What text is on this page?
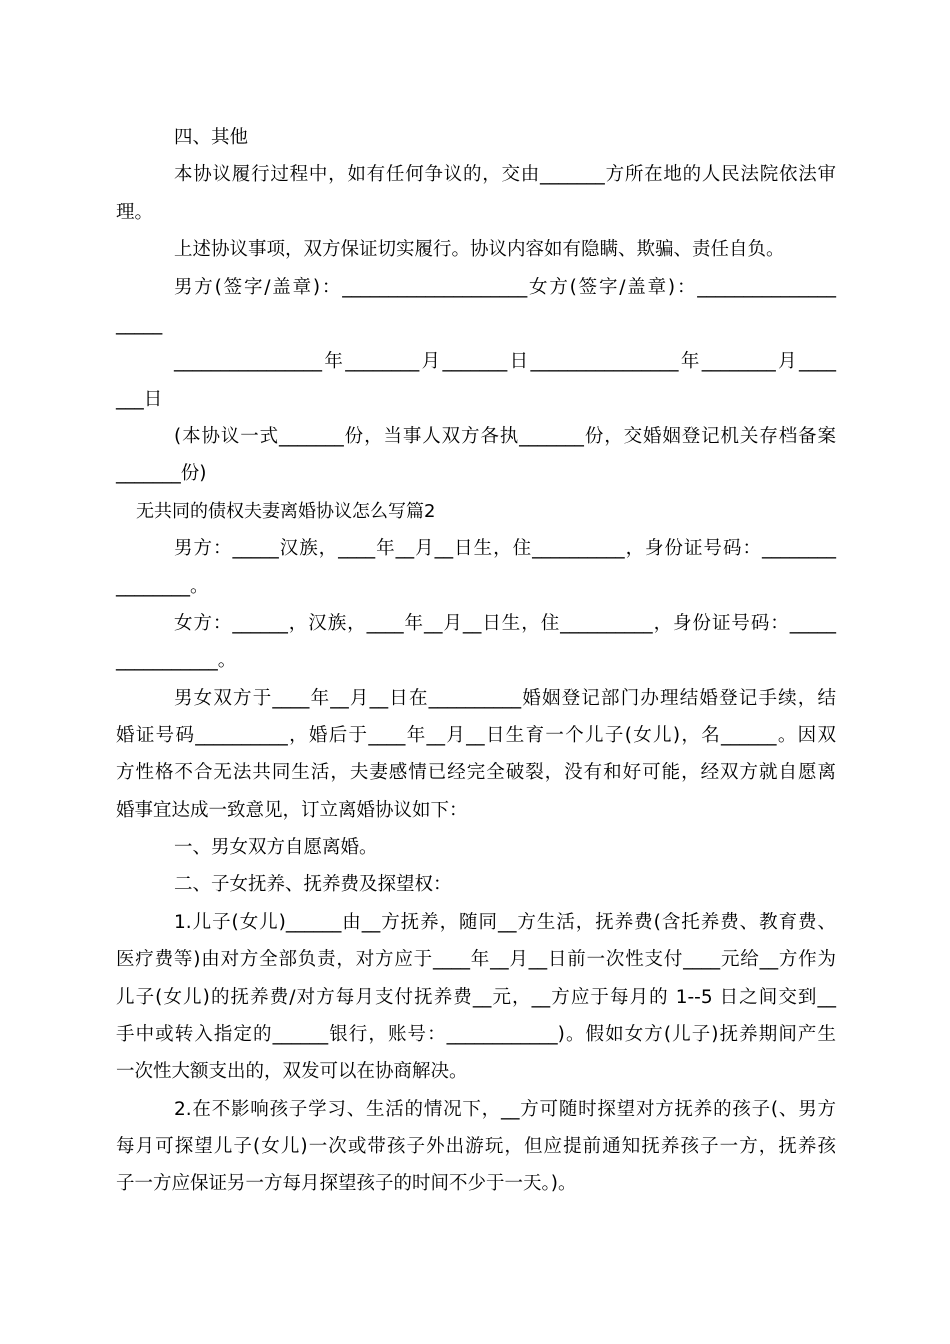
四、其他
本协议履行过程中，如有任何争议的，交由_______方所在地的人民法院依法审
理。
上述协议事项，双方保证切实履行。协议内容如有隐瞒、欺骗、责任自负。
男方(签字/盖章)：____________________女方(签字/盖章)：_______________
_____
________________年________月_______日________________年________月____
___日
(本协议一式_______份，当事人双方各执_______份，交婚姻登记机关存档备案
_______份)
无共同的债权夫妻离婚协议怎么写篇2
男方：_____汉族，____年__月__日生，住__________，身份证号码：________
________。
女方：______，汉族，____年__月__日生，住__________，身份证号码：_____
___________。
男女双方于____年__月__日在__________婚姻登记部门办理结婚登记手续，结
婚证号码__________，婚后于____年__月__日生育一个儿子(女儿)，名______。因双
方性格不合无法共同生活，夫妻感情已经完全破裂，没有和好可能，经双方就自愿离
婚事宜达成一致意见，订立离婚协议如下：
一、男女双方自愿离婚。
二、子女抚养、抚养费及探望权：
1.儿子(女儿)______由__方抚养，随同__方生活，抚养费(含托养费、教育费、
医疗费等)由对方全部负责，对方应于____年__月__日前一次性支付____元给__方作为
儿子(女儿)的抚养费/对方每月支付抚养费__元，__方应于每月的 1--5 日之间交到__
手中或转入指定的______银行，账号：____________)。假如女方(儿子)抚养期间产生
一次性大额支出的，双发可以在协商解决。
2.在不影响孩子学习、生活的情况下，__方可随时探望对方抚养的孩子(、男方
每月可探望儿子(女儿)一次或带孩子外出游玩，但应提前通知抚养孩子一方，抚养孩
子一方应保证另一方每月探望孩子的时间不少于一天。)。
